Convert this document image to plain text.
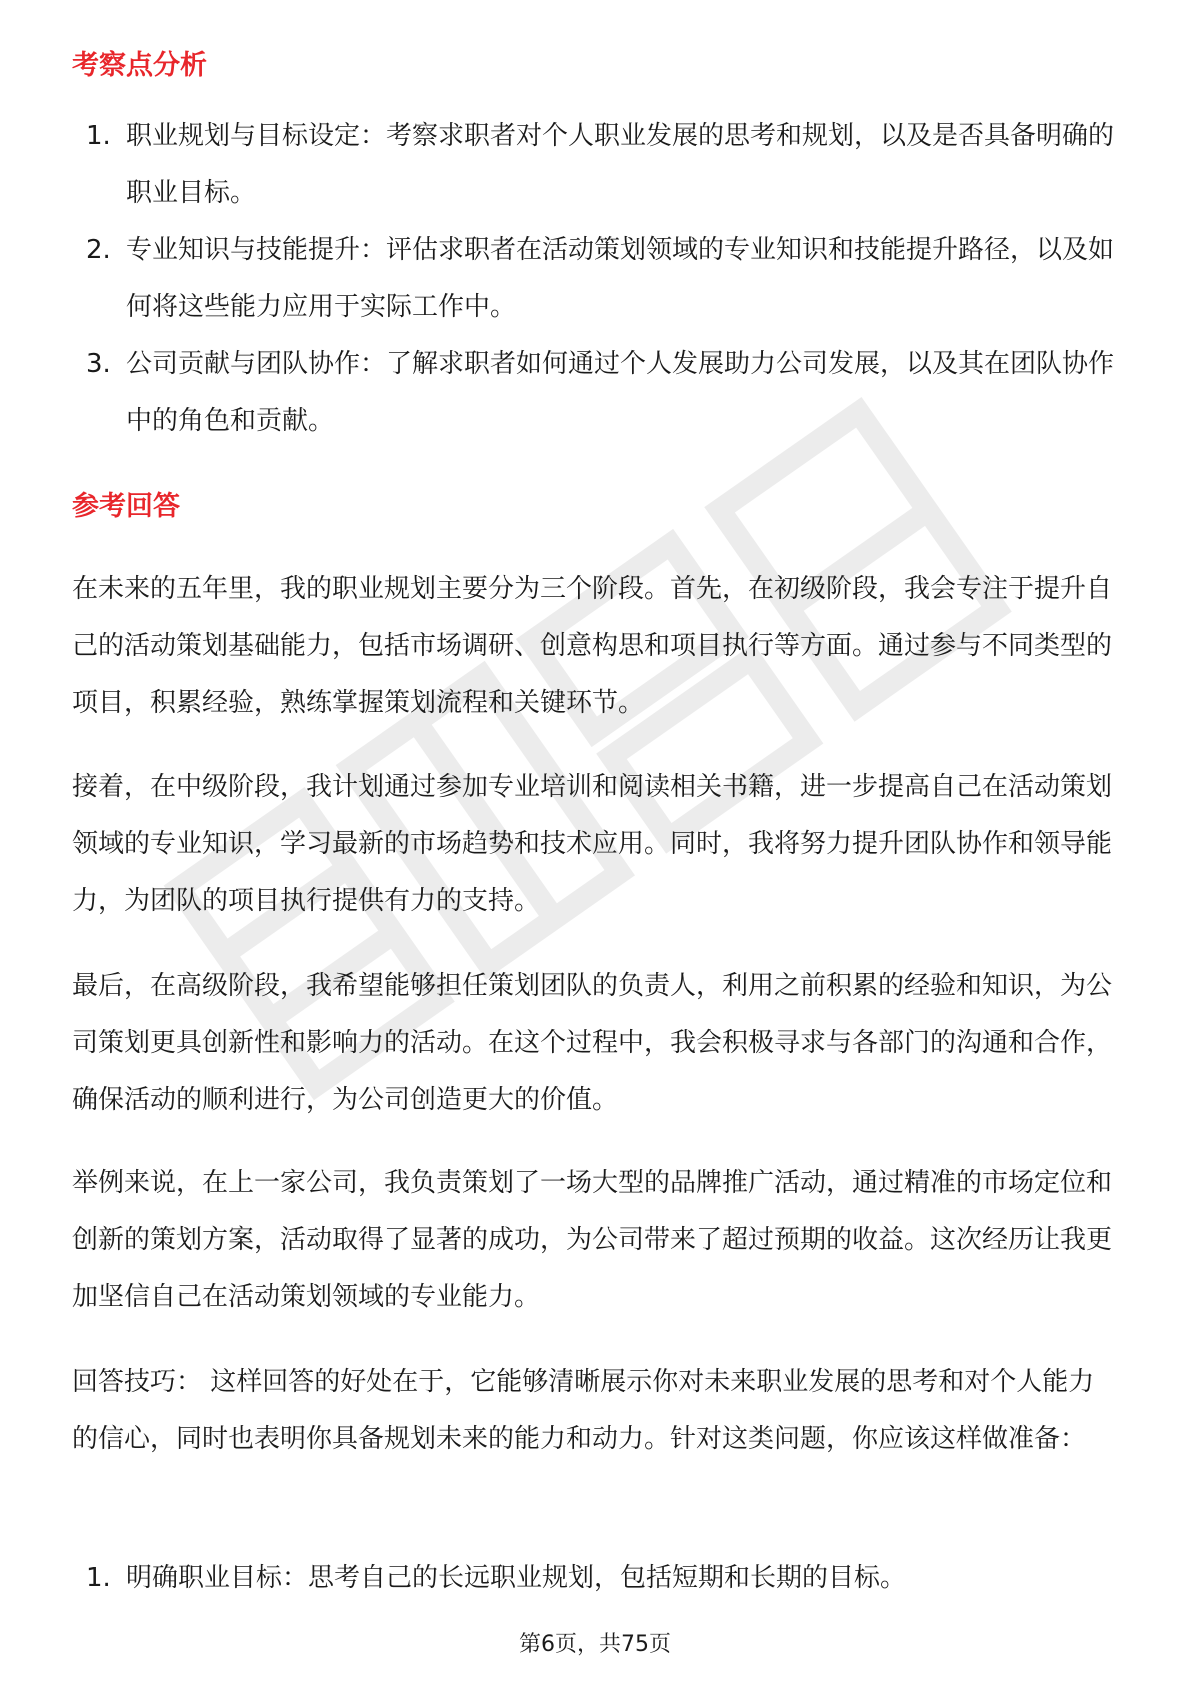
考察点分析
1. 职业规划与目标设定：考察求职者对个人职业发展的思考和规划，以及是否具备明确的职业目标。
2. 专业知识与技能提升：评估求职者在活动策划领域的专业知识和技能提升路径，以及如何将这些能力应用于实际工作中。
3. 公司贡献与团队协作：了解求职者如何通过个人发展助力公司发展，以及其在团队协作中的角色和贡献。
参考回答

在未来的五年里，我的职业规划主要分为三个阶段。首先，在初级阶段，我会专注于提升自己的活动策划基础能力，包括市场调研、创意构思和项目执行等方面。通过参与不同类型的项目，积累经验，熟练掌握策划流程和关键环节。

接着，在中级阶段，我计划通过参加专业培训和阅读相关书籍，进一步提高自己在活动策划领域的专业知识，学习最新的市场趋势和技术应用。同时，我将努力提升团队协作和领导能力，为团队的项目执行提供有力的支持。

最后，在高级阶段，我希望能够担任策划团队的负责人，利用之前积累的经验和知识，为公司策划更具创新性和影响力的活动。在这个过程中，我会积极寻求与各部门的沟通和合作，确保活动的顺利进行，为公司创造更大的价值。

举例来说，在上一家公司，我负责策划了一场大型的品牌推广活动，通过精准的市场定位和创新的策划方案，活动取得了显著的成功，为公司带来了超过预期的收益。这次经历让我更加坚信自己在活动策划领域的专业能力。

回答技巧： 这样回答的好处在于，它能够清晰展示你对未来职业发展的思考和对个人能力的信心，同时也表明你具备规划未来的能力和动力。针对这类问题，你应该这样做准备：

1. 明确职业目标：思考自己的长远职业规划，包括短期和长期的目标。
第6页，共75页
